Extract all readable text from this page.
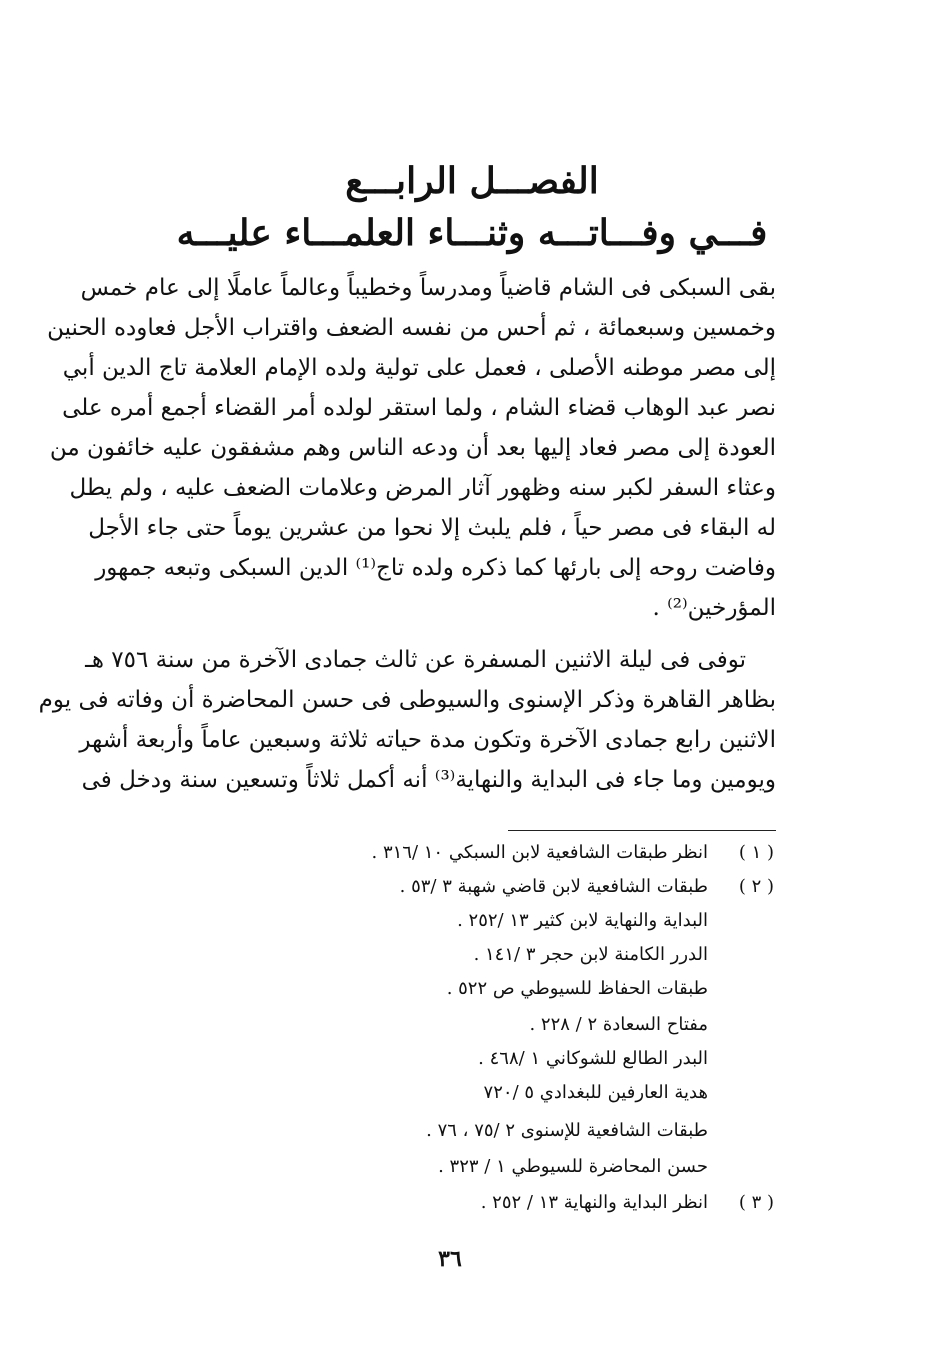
الفصـــل الرابـــع
فـــي وفـــاتـــه وثنـــاء العلمـــاء عليـــه
بقى السبكى فى الشام قاضياً ومدرساً وخطيباً وعالماً عاملًا إلى عام خمس
وخمسين وسبعمائة ، ثم أحس من نفسه الضعف واقتراب الأجل فعاوده الحنين
إلى مصر موطنه الأصلى ، فعمل على تولية ولده الإمام العلامة تاج الدين أبي
نصر عبد الوهاب قضاء الشام ، ولما استقر لولده أمر القضاء أجمع أمره على
العودة إلى مصر فعاد إليها بعد أن ودعه الناس وهم مشفقون عليه خائفون من
وعثاء السفر لكبر سنه وظهور آثار المرض وعلامات الضعف عليه ، ولم يطل
له البقاء فى مصر حياً ، فلم يلبث إلا نحوا من عشرين يوماً حتى جاء الأجل
وفاضت روحه إلى بارئها كما ذكره ولده تاج⁽¹⁾ الدين السبكى وتبعه جمهور
المؤرخين⁽²⁾ .
توفى فى ليلة الاثنين المسفرة عن ثالث جمادى الآخرة من سنة ٧٥٦ هـ
بظاهر القاهرة وذكر الإسنوى والسيوطى فى حسن المحاضرة أن وفاته فى يوم
الاثنين رابع جمادى الآخرة وتكون مدة حياته ثلاثة وسبعين عاماً وأربعة أشهر
ويومين وما جاء فى البداية والنهاية⁽³⁾ أنه أكمل ثلاثاً وتسعين سنة ودخل فى
( ١ )
انظر طبقات الشافعية لابن السبكي ١٠ /٣١٦ .
( ٢ )
طبقات الشافعية لابن قاضي شهبة ٣ /٥٣ .
البداية والنهاية لابن كثير ١٣ /٢٥٢ .
الدرر الكامنة لابن حجر ٣ /١٤١ .
طبقات الحفاظ للسيوطي ص ٥٢٢ .
مفتاح السعادة ٢ / ٢٢٨ .
البدر الطالع للشوكاني ١ /٤٦٨ .
هدية العارفين للبغدادي ٥ /٧٢٠
طبقات الشافعية للإسنوى ٢ /٧٥ ، ٧٦ .
حسن المحاضرة للسيوطي ١ / ٣٢٣ .
( ٣ )
انظر البداية والنهاية ١٣ / ٢٥٢ .
٣٦
